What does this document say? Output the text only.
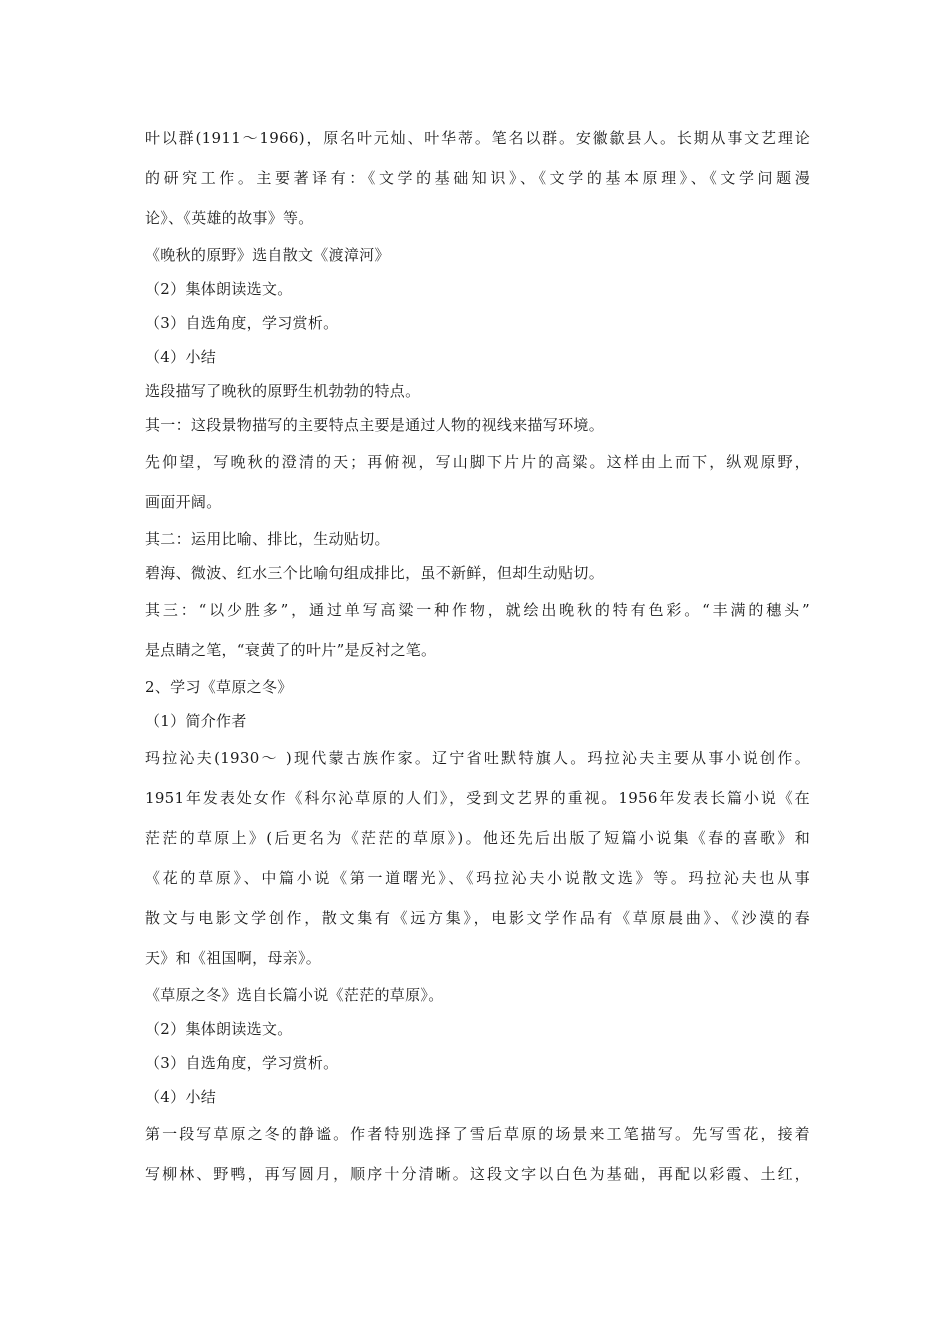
叶以群(1911～1966)，原名叶元灿、叶华蒂。笔名以群。安徽歙县人。长期从事文艺理论
的研究工作。主要著译有：《文学的基础知识》、《文学的基本原理》、《文学问题漫
论》、《英雄的故事》等。
《晚秋的原野》选自散文《渡漳河》
（2）集体朗读选文。
（3）自选角度，学习赏析。
（4）小结
选段描写了晚秋的原野生机勃勃的特点。
其一：这段景物描写的主要特点主要是通过人物的视线来描写环境。
先仰望，写晚秋的澄清的天；再俯视，写山脚下片片的高粱。这样由上而下，纵观原野，
画面开阔。
其二：运用比喻、排比，生动贴切。
碧海、微波、红水三个比喻句组成排比，虽不新鲜，但却生动贴切。
其三：“以少胜多”，通过单写高粱一种作物，就绘出晚秋的特有色彩。“丰满的穗头”
是点睛之笔，“衰黄了的叶片”是反衬之笔。
2、学习《草原之冬》
（1）简介作者
玛拉沁夫(1930～ )现代蒙古族作家。辽宁省吐默特旗人。玛拉沁夫主要从事小说创作。
1951年发表处女作《科尔沁草原的人们》，受到文艺界的重视。1956年发表长篇小说《在
茫茫的草原上》(后更名为《茫茫的草原》)。他还先后出版了短篇小说集《春的喜歌》和
《花的草原》、中篇小说《第一道曙光》、《玛拉沁夫小说散文选》等。玛拉沁夫也从事
散文与电影文学创作，散文集有《远方集》，电影文学作品有《草原晨曲》、《沙漠的春
天》和《祖国啊，母亲》。
《草原之冬》选自长篇小说《茫茫的草原》。
（2）集体朗读选文。
（3）自选角度，学习赏析。
（4）小结
第一段写草原之冬的静谧。作者特别选择了雪后草原的场景来工笔描写。先写雪花，接着
写柳林、野鸭，再写圆月，顺序十分清晰。这段文字以白色为基础，再配以彩霞、土红，
